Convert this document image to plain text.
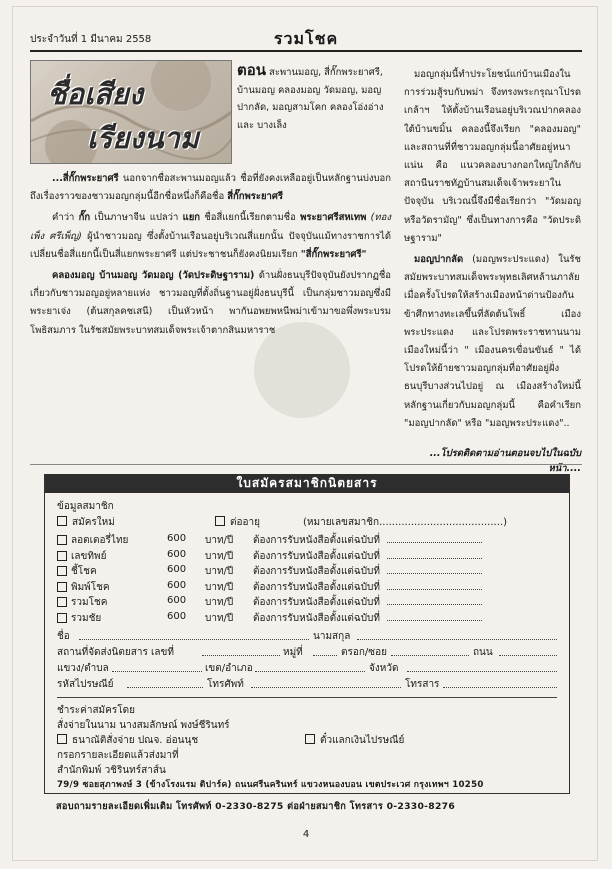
ประจำวันที่ 1 มีนาคม 2558	รวมโชค
ชื่อเสียง
เรียงนาม
ตอน สะพานมอญ, สี่กั๊กพระยาศรี, บ้านมอญ คลองมอญ วัดมอญ, มอญปากลัด, มอญสามโคก คลองโอ่งอ่าง และ บางเล็ง

...สี่กั๊กพระยาศรี นอกจากชื่อสะพานมอญแล้ว ชื่อที่ยังคงเหลืออยู่เป็นหลักฐานบ่งบอกถึงเรื่องราวของชาวมอญกลุ่มนี้อีกชื่อหนึ่งก็คือชื่อ สี่กั๊กพระยาศรี

คำว่า กั๊ก เป็นภาษาจีน แปลว่า แยก ชื่อสี่แยกนี้เรียกตามชื่อ พระยาศรีสหเทพ (ทองเพ็ง ศรีเพ็ญ) ผู้นำชาวมอญ ซึ่งตั้งบ้านเรือนอยู่บริเวณสี่แยกนั้น ปัจจุบันแม้ทางราชการได้เปลี่ยนชื่อสี่แยกนี้เป็นสี่แยกพระยาศรี แต่ประชาชนก็ยังคงนิยมเรียก "สี่กั๊กพระยาศรี"

คลองมอญ บ้านมอญ วัดมอญ (วัดประดิษฐาราม) ด้านฝั่งธนบุรีปัจจุบันยังปรากฏชื่อเกี่ยวกับชาวมอญอยู่หลายแห่ง ชาวมอญที่ตั้งถิ่นฐานอยู่ฝั่งธนบุรีนี้ เป็นกลุ่มชาวมอญซึ่งมีพระยาเจ่ง (ต้นสกุลคชเสนี) เป็นหัวหน้า พากันอพยพหนีพม่าเข้ามาขอพึ่งพระบรมโพธิสมภาร ในรัชสมัยพระบาทสมเด็จพระเจ้าตากสินมหาราช

มอญกลุ่มนี้ทำประโยชน์แก่บ้านเมืองในการร่วมสู้รบกับพม่า จึงทรงพระกรุณาโปรดเกล้าฯ ให้ตั้งบ้านเรือนอยู่บริเวณปากคลองใต้บ้านขมิ้น คลองนี้จึงเรียก "คลองมอญ" และสถานที่ที่ชาวมอญกลุ่มนี้อาศัยอยู่หนาแน่น คือ แนวคลองบางกอกใหญ่ใกล้กับสถานีนราชทัฏบ้านสมเด็จเจ้าพระยาในปัจจุบัน บริเวณนี้จึงมีชื่อเรียกว่า "วัดมอญ หรือวัดรามัญ" ซึ่งเป็นทางการคือ "วัดประดิษฐาราม"

มอญปากลัด (มอญพระประแดง) ในรัชสมัยพระบาทสมเด็จพระพุทธเลิศหล้านภาลัย เมื่อครั้งโปรดให้สร้างเมืองหน้าด่านป้องกันข้าศึกทางทะเลขึ้นที่ลัดต้นโพธิ์ เมืองพระประแดง และโปรดพระราชทานนามเมืองใหม่นี้ว่า " เมืองนครเขื่อนขันธ์ " ได้โปรดให้ย้ายชาวมอญกลุ่มที่อาศัยอยู่ฝั่งธนบุรีบางส่วนไปอยู่ ณ เมืองสร้างใหม่นี้ หลักฐานเกี่ยวกับมอญกลุ่มนี้ คือคำเรียก "มอญปากลัด" หรือ "มอญพระประแดง"..

...โปรดติดตามอ่านตอนจบไปในฉบับหน้า....
ใบสมัครสมาชิกนิตยสาร
ข้อมูลสมาชิก
สมัครใหม่	ต่ออายุ	(หมายเลขสมาชิก.......................................)
ลอตเตอรี่ไทย	600 บาท/ปี ต้องการรับหนังสือตั้งแต่ฉบับที่
เลขทิพย์	600 บาท/ปี ต้องการรับหนังสือตั้งแต่ฉบับที่
ชี้โชค	600 บาท/ปี ต้องการรับหนังสือตั้งแต่ฉบับที่
พิมพ์โชค	600 บาท/ปี ต้องการรับหนังสือตั้งแต่ฉบับที่
รวมโชค	600 บาท/ปี ต้องการรับหนังสือตั้งแต่ฉบับที่
รวมชัย	600 บาท/ปี ต้องการรับหนังสือตั้งแต่ฉบับที่
ชื่อ	นามสกุล
สถานที่จัดส่งนิตยสาร เลขที่	หมู่ที่	ตรอก/ซอย	ถนน
แขวง/ตำบล	เขต/อำเภอ	จังหวัด
รหัสไปรษณีย์	โทรศัพท์	โทรสาร
ชำระค่าสมัครโดย
สั่งจ่ายในนาม นางสมลักษณ์ พงษ์ชีรินทร์
ธนาณัติสั่งจ่าย ปณจ. อ่อนนุช	ตั๋วแลกเงินไปรษณีย์
กรอกรายละเอียดแล้วส่งมาที่
สำนักพิมพ์ วชิรินทร์สาส์น
79/9 ซอยสุภาพงษ์ 3 (ข้างโรงแรม ดิปาร์ค) ถนนศรีนครินทร์ แขวงหนองบอน เขตประเวศ กรุงเทพฯ 10250
สอบถามรายละเอียดเพิ่มเติม โทรศัพท์ 0-2330-8275 ต่อฝ่ายสมาชิก โทรสาร 0-2330-8276
4
